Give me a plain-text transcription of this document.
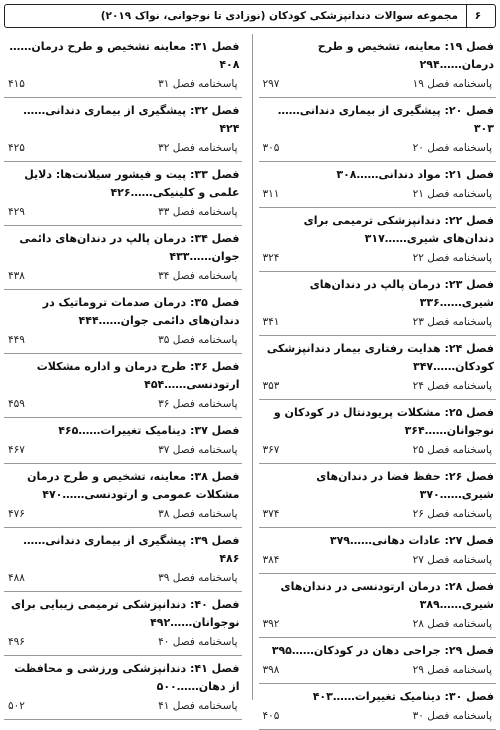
۶
مجموعه سوالات دندانپزشکی کودکان (نوزادی تا نوجوانی، نواک ۲۰۱۹)
فصل ۱۹: معاینه، تشخیص و طرح درمان……۲۹۴
پاسخنامه فصل ۱۹
۲۹۷
فصل ۲۰: پیشگیری از بیماری دندانی……۳۰۳
پاسخنامه فصل ۲۰
۳۰۵
فصل ۲۱: مواد دندانی……۳۰۸
پاسخنامه فصل ۲۱
۳۱۱
فصل ۲۲: دندانپزشکی ترمیمی برای دندان‌های شیری……۳۱۷
پاسخنامه فصل ۲۲
۳۲۴
فصل ۲۳: درمان پالپ در دندان‌های شیری……۳۳۶
پاسخنامه فصل ۲۳
۳۴۱
فصل ۲۴: هدایت رفتاری بیمار دندانپزشکی کودکان……۳۴۷
پاسخنامه فصل ۲۴
۳۵۳
فصل ۲۵: مشکلات پریودنتال در کودکان و نوجوانان……۳۶۴
پاسخنامه فصل ۲۵
۳۶۷
فصل ۲۶: حفظ فضا در دندان‌های شیری……۳۷۰
پاسخنامه فصل ۲۶
۳۷۴
فصل ۲۷: عادات دهانی……۳۷۹
پاسخنامه فصل ۲۷
۳۸۴
فصل ۲۸: درمان ارتودنسی در دندان‌های شیری……۳۸۹
پاسخنامه فصل ۲۸
۳۹۲
فصل ۲۹: جراحی دهان در کودکان……۳۹۵
پاسخنامه فصل ۲۹
۳۹۸
فصل ۳۰: دینامیک تغییرات……۴۰۳
پاسخنامه فصل ۳۰
۴۰۵
فصل ۳۱: معاینه تشخیص و طرح درمان……۴۰۸
پاسخنامه فصل ۳۱
۴۱۵
فصل ۳۲: پیشگیری از بیماری دندانی……۴۲۴
پاسخنامه فصل ۳۲
۴۲۵
فصل ۳۳: پیت و فیشور سیلانت‌ها: دلایل علمی و کلینیکی……۴۲۶
پاسخنامه فصل ۳۳
۴۲۹
فصل ۳۴: درمان پالپ در دندان‌های دائمی جوان……۴۳۳
پاسخنامه فصل ۳۴
۴۳۸
فصل ۳۵: درمان صدمات تروماتیک در دندان‌های دائمی جوان……۴۴۴
پاسخنامه فصل ۳۵
۴۴۹
فصل ۳۶: طرح درمان و اداره مشکلات ارتودنسی……۴۵۴
پاسخنامه فصل ۳۶
۴۵۹
فصل ۳۷: دینامیک تغییرات……۴۶۵
پاسخنامه فصل ۳۷
۴۶۷
فصل ۳۸: معاینه، تشخیص و طرح درمان مشکلات عمومی و ارتودنسی……۴۷۰
پاسخنامه فصل ۳۸
۴۷۶
فصل ۳۹: پیشگیری از بیماری دندانی……۴۸۶
پاسخنامه فصل ۳۹
۴۸۸
فصل ۴۰: دندانپزشکی ترمیمی زیبایی برای نوجوانان……۴۹۲
پاسخنامه فصل ۴۰
۴۹۶
فصل ۴۱: دندانپزشکی ورزشی و محافظت از دهان……۵۰۰
پاسخنامه فصل ۴۱
۵۰۲
